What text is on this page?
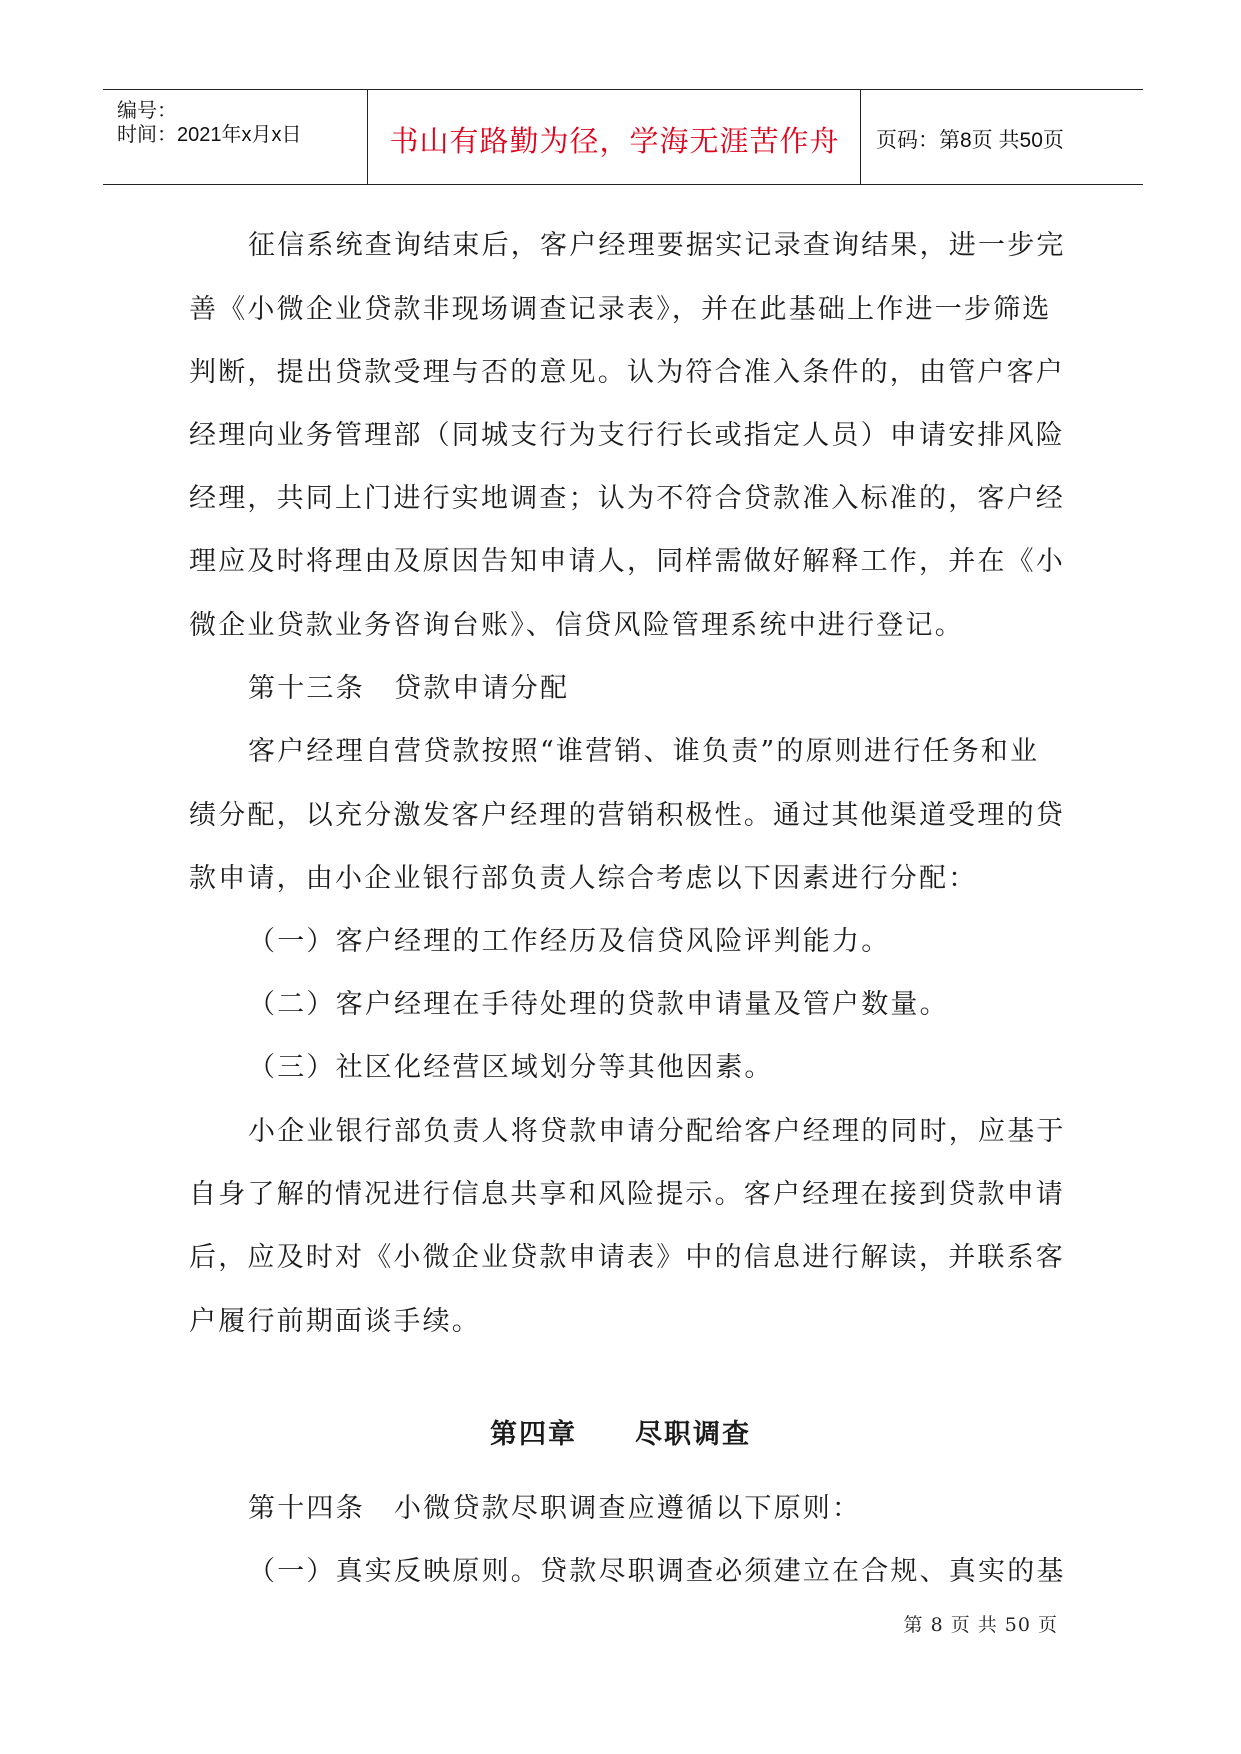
编号：
时间：2021年x月x日	书山有路勤为径，学海无涯苦作舟	页码：第8页 共50页
征信系统查询结束后，客户经理要据实记录查询结果，进一步完
善《小微企业贷款非现场调查记录表》，并在此基础上作进一步筛选
判断，提出贷款受理与否的意见。认为符合准入条件的，由管户客户
经理向业务管理部（同城支行为支行行长或指定人员）申请安排风险
经理，共同上门进行实地调查；认为不符合贷款准入标准的，客户经
理应及时将理由及原因告知申请人，同样需做好解释工作，并在《小
微企业贷款业务咨询台账》、信贷风险管理系统中进行登记。
第十三条　贷款申请分配
客户经理自营贷款按照“谁营销、谁负责”的原则进行任务和业
绩分配，以充分激发客户经理的营销积极性。通过其他渠道受理的贷
款申请，由小企业银行部负责人综合考虑以下因素进行分配：
（一）客户经理的工作经历及信贷风险评判能力。
（二）客户经理在手待处理的贷款申请量及管户数量。
（三）社区化经营区域划分等其他因素。
小企业银行部负责人将贷款申请分配给客户经理的同时，应基于
自身了解的情况进行信息共享和风险提示。客户经理在接到贷款申请
后，应及时对《小微企业贷款申请表》中的信息进行解读，并联系客
户履行前期面谈手续。
第四章　　尽职调查
第十四条　小微贷款尽职调查应遵循以下原则：
（一）真实反映原则。贷款尽职调查必须建立在合规、真实的基
第 8 页 共 50 页
